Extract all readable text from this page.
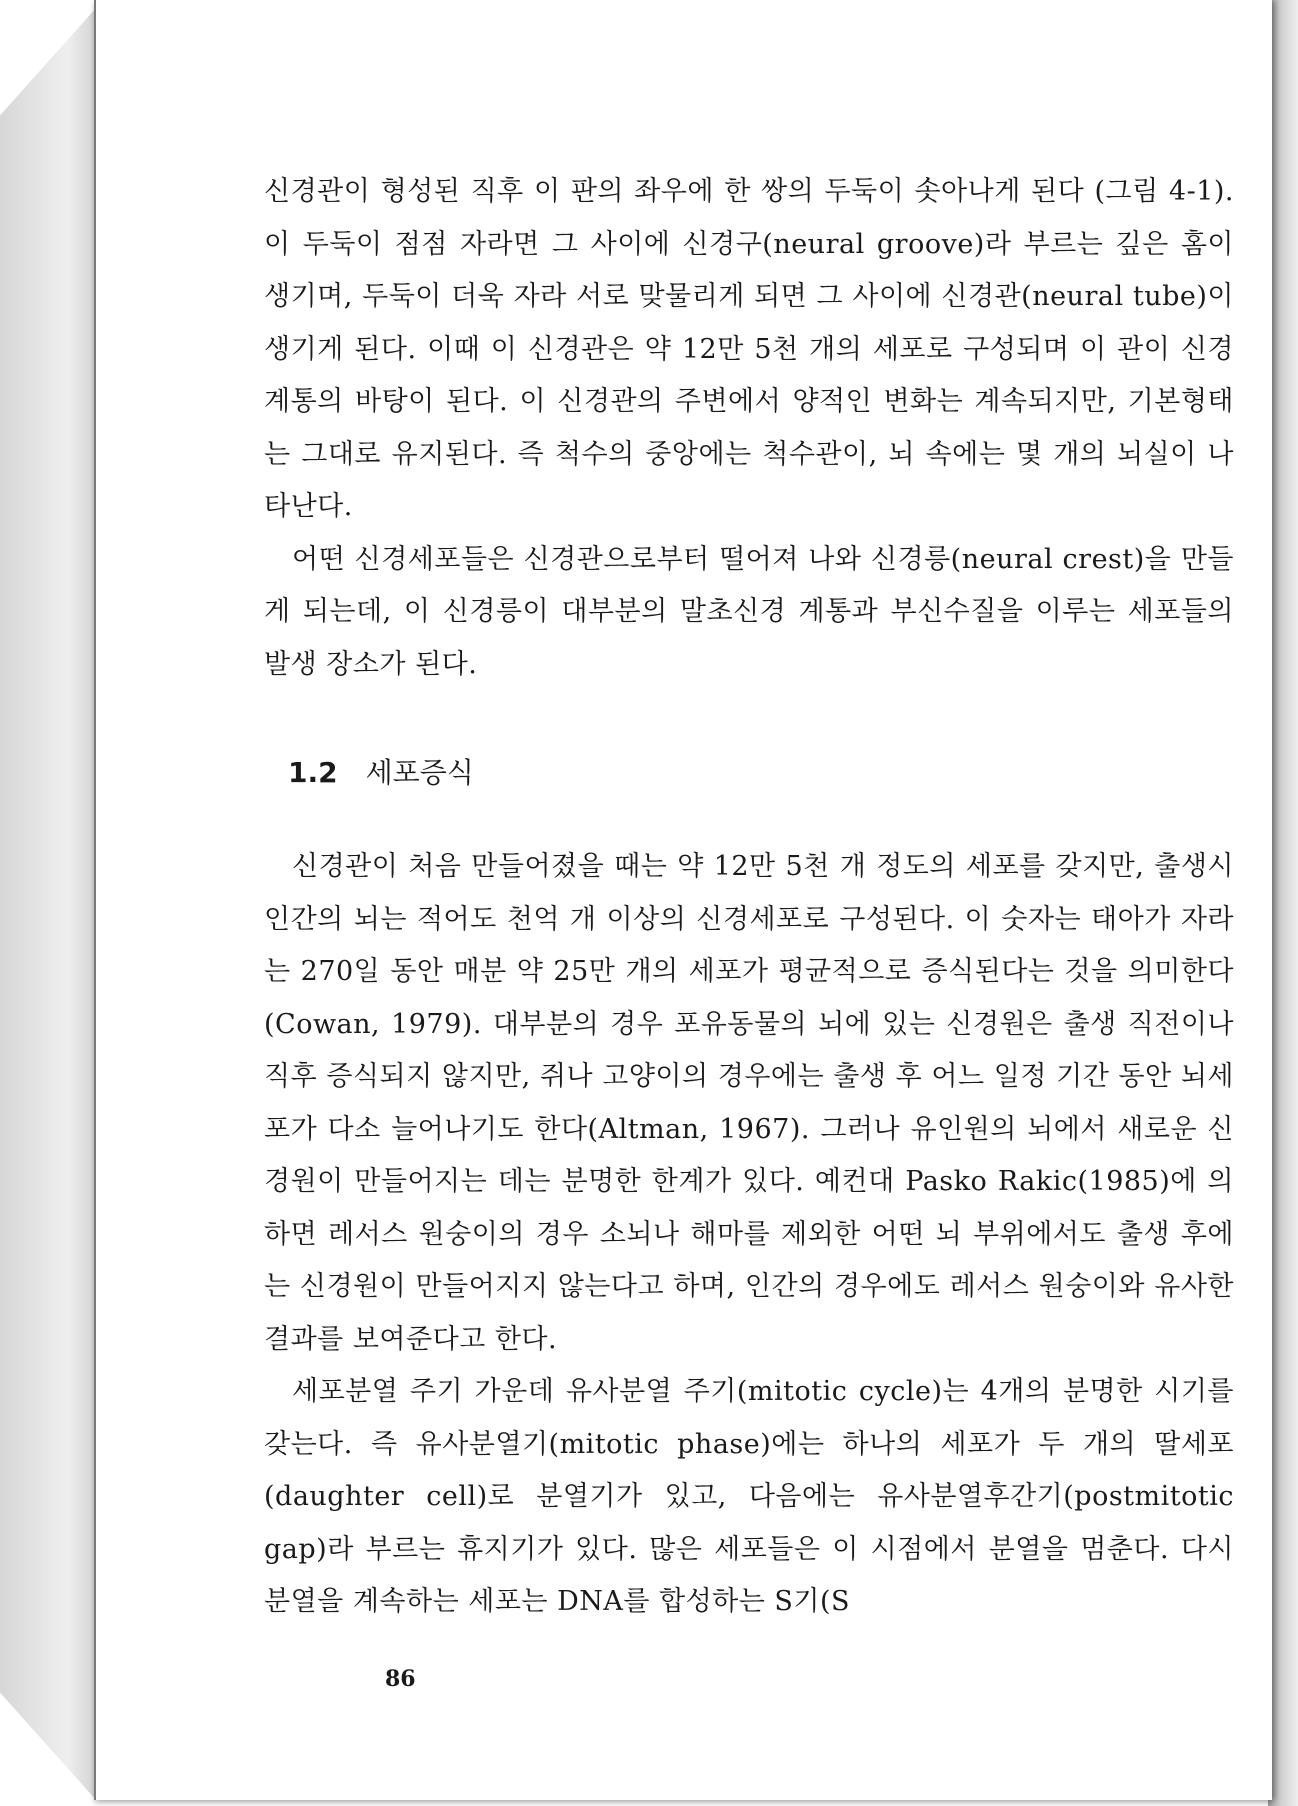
신경관이 형성된 직후 이 판의 좌우에 한 쌍의 두둑이 솟아나게 된다 (그림 4-1). 이 두둑이 점점 자라면 그 사이에 신경구(neural groove)라 부르는 깊은 홈이 생기며, 두둑이 더욱 자라 서로 맞물리게 되면 그 사이에 신경관(neural tube)이 생기게 된다. 이때 이 신경관은 약 12만 5천 개의 세포로 구성되며 이 관이 신경 계통의 바탕이 된다. 이 신경관의 주변에서 양적인 변화는 계속되지만, 기본형태는 그대로 유지된다. 즉 척수의 중앙에는 척수관이, 뇌 속에는 몇 개의 뇌실이 나타난다.

어떤 신경세포들은 신경관으로부터 떨어져 나와 신경릉(neural crest)을 만들게 되는데, 이 신경릉이 대부분의 말초신경 계통과 부신수질을 이루는 세포들의 발생 장소가 된다.

1.2 세포증식

신경관이 처음 만들어졌을 때는 약 12만 5천 개 정도의 세포를 갖지만, 출생시 인간의 뇌는 적어도 천억 개 이상의 신경세포로 구성된다. 이 숫자는 태아가 자라는 270일 동안 매분 약 25만 개의 세포가 평균적으로 증식된다는 것을 의미한다(Cowan, 1979). 대부분의 경우 포유동물의 뇌에 있는 신경원은 출생 직전이나 직후 증식되지 않지만, 쥐나 고양이의 경우에는 출생 후 어느 일정 기간 동안 뇌세포가 다소 늘어나기도 한다(Altman, 1967). 그러나 유인원의 뇌에서 새로운 신경원이 만들어지는 데는 분명한 한계가 있다. 예컨대 Pasko Rakic(1985)에 의하면 레서스 원숭이의 경우 소뇌나 해마를 제외한 어떤 뇌 부위에서도 출생 후에는 신경원이 만들어지지 않는다고 하며, 인간의 경우에도 레서스 원숭이와 유사한 결과를 보여준다고 한다.

세포분열 주기 가운데 유사분열 주기(mitotic cycle)는 4개의 분명한 시기를 갖는다. 즉 유사분열기(mitotic phase)에는 하나의 세포가 두 개의 딸세포(daughter cell)로 분열기가 있고, 다음에는 유사분열후간기(postmitotic gap)라 부르는 휴지기가 있다. 많은 세포들은 이 시점에서 분열을 멈춘다. 다시 분열을 계속하는 세포는 DNA를 합성하는 S기(S

86
